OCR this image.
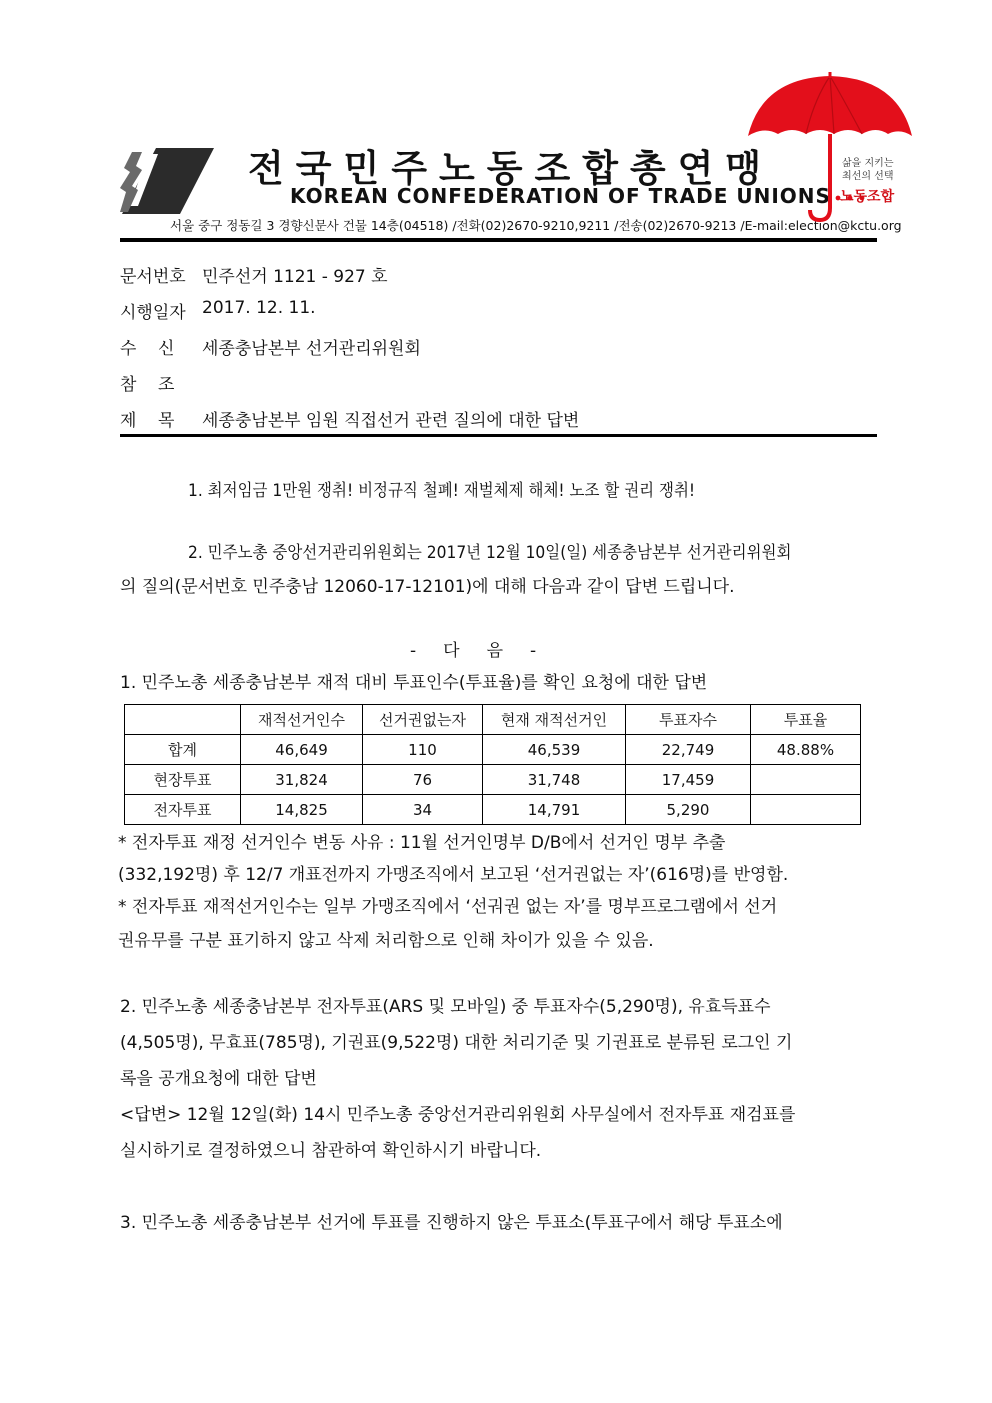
전국민주노동조합총연맹
KOREAN CONFEDERATION OF TRADE UNIONS
서울 중구 정동길 3 경향신문사 건물 14층(04518) /전화(02)2670-9210,9211 /전송(02)2670-9213 /E-mail:election@kctu.org
삶을 지키는
최선의 선택
노동조합
문서번호 민주선거 1121 - 927 호
시행일자 2017. 12. 11.
수    신 세종충남본부 선거관리위원회
참    조
제    목 세종충남본부 임원 직접선거 관련 질의에 대한 답변
1. 최저임금 1만원 쟁취! 비정규직 철폐! 재벌체제 해체! 노조 할 권리 쟁취!
2. 민주노총 중앙선거관리위원회는 2017년 12월 10일(일) 세종충남본부 선거관리위원회
의 질의(문서번호 민주충남 12060-17-12101)에 대해 다음과 같이 답변 드립니다.
-     다     음     -
1. 민주노총 세종충남본부 재적 대비 투표인수(투표율)를 확인 요청에 대한 답변
	재적선거인수	선거권없는자	현재 재적선거인	투표자수	투표율
합계	46,649	110	46,539	22,749	48.88%
현장투표	31,824	76	31,748	17,459	
전자투표	14,825	34	14,791	5,290	
* 전자투표 재정 선거인수 변동 사유 : 11월 선거인명부 D/B에서 선거인 명부 추출
(332,192명) 후 12/7 개표전까지 가맹조직에서 보고된 ‘선거권없는 자’(616명)를 반영함.
* 전자투표 재적선거인수는 일부 가맹조직에서 ‘선궈권 없는 자’를 명부프로그램에서 선거
권유무를 구분 표기하지 않고 삭제 처리함으로 인해 차이가 있을 수 있음.
2. 민주노총 세종충남본부 전자투표(ARS 및 모바일) 중 투표자수(5,290명), 유효득표수
(4,505명), 무효표(785명), 기권표(9,522명) 대한 처리기준 및 기권표로 분류된 로그인 기
록을 공개요청에 대한 답변
<답변> 12월 12일(화) 14시 민주노총 중앙선거관리위원회 사무실에서 전자투표 재검표를
실시하기로 결정하였으니 참관하여 확인하시기 바랍니다.
3. 민주노총 세종충남본부 선거에 투표를 진행하지 않은 투표소(투표구에서 해당 투표소에
